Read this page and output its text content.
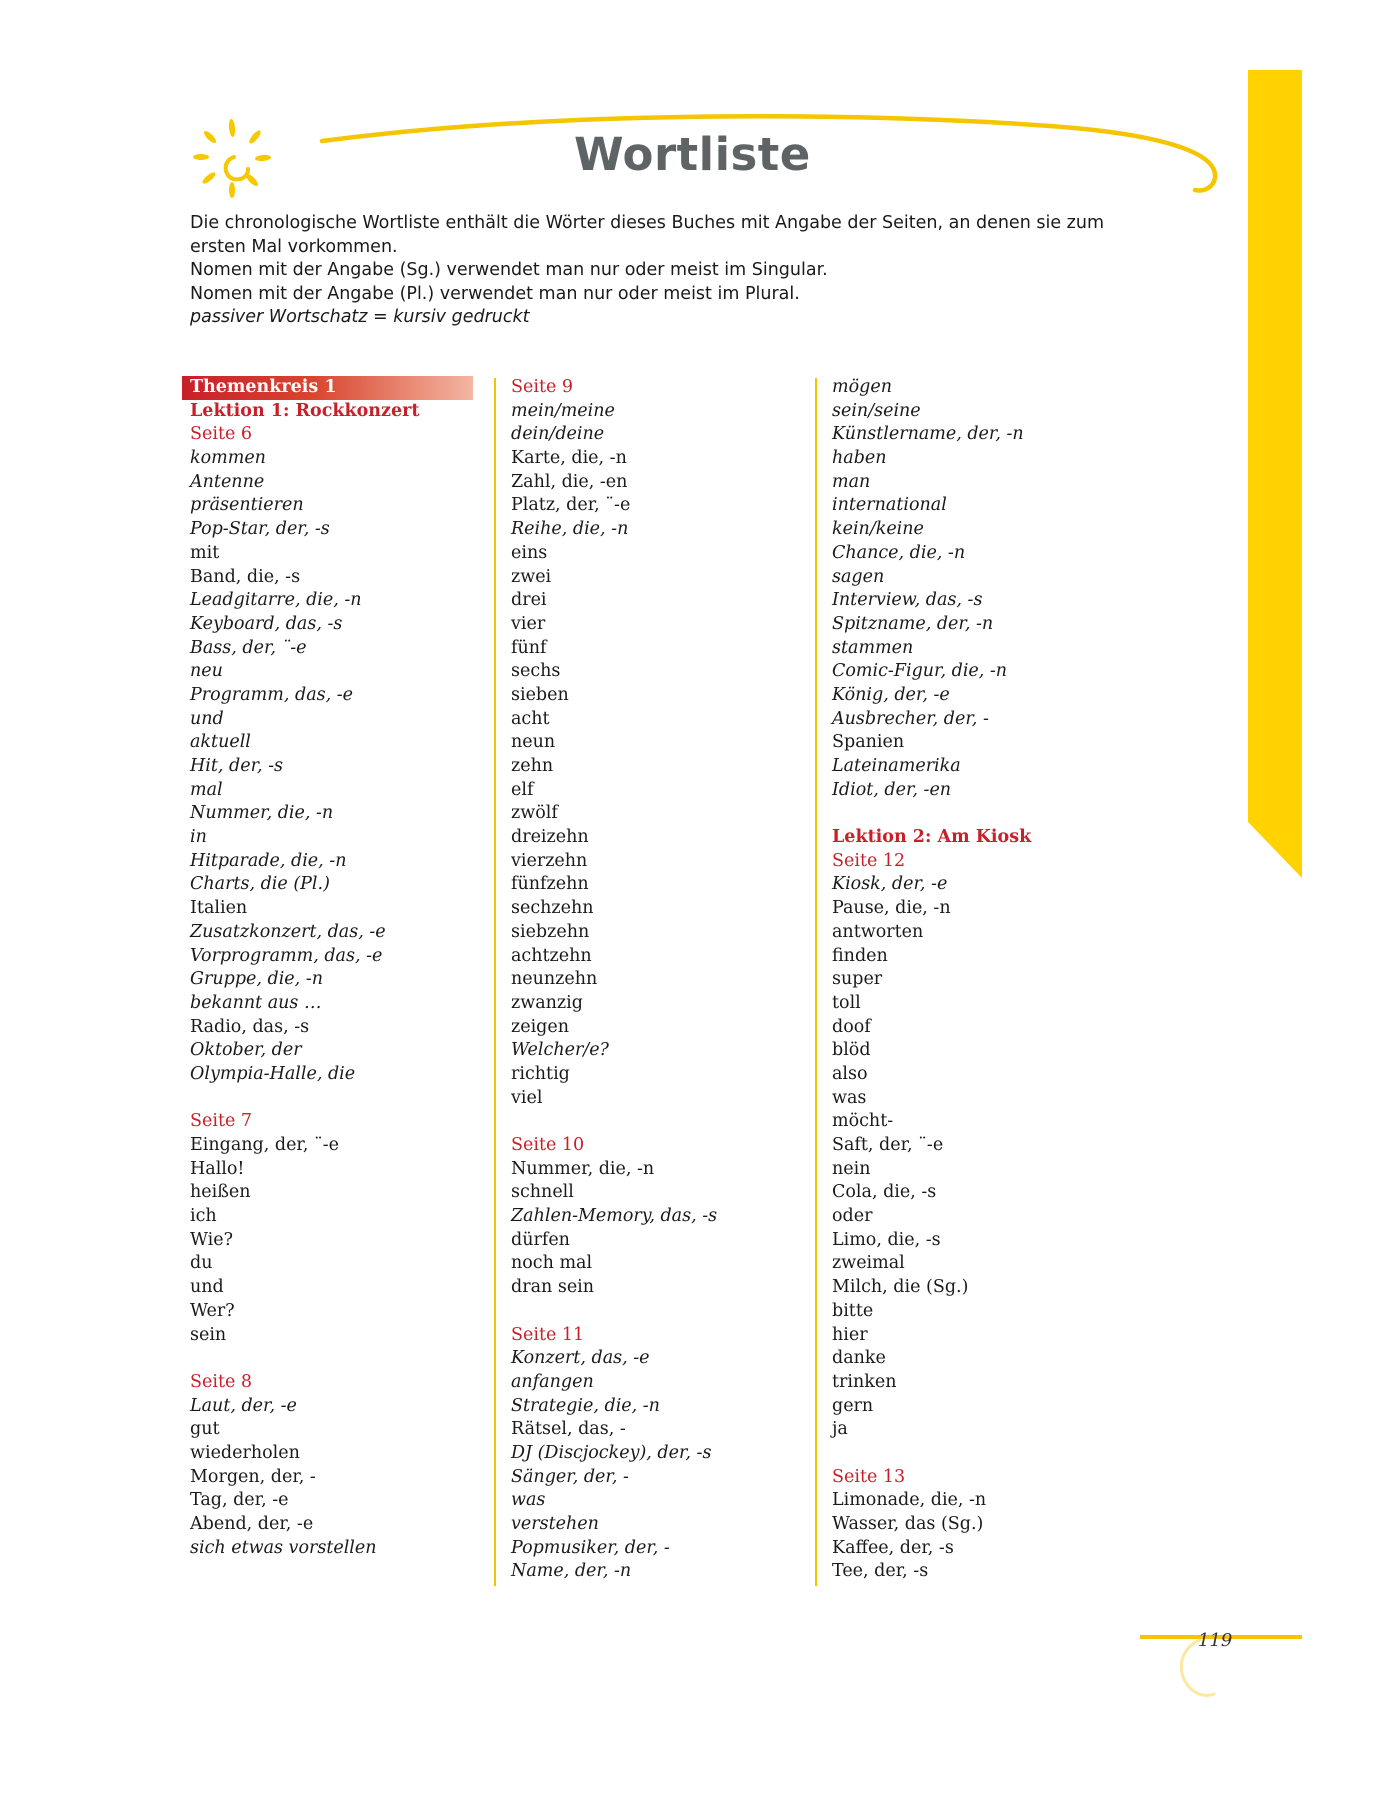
Wortliste
Die chronologische Wortliste enthält die Wörter dieses Buches mit Angabe der Seiten, an denen sie zum
ersten Mal vorkommen.
Nomen mit der Angabe (Sg.) verwendet man nur oder meist im Singular.
Nomen mit der Angabe (Pl.) verwendet man nur oder meist im Plural.
passiver Wortschatz = kursiv gedruckt
Themenkreis 1
Lektion 1: Rockkonzert
Seite 6
kommen
Antenne
präsentieren
Pop-Star, der, -s
mit
Band, die, -s
Leadgitarre, die, -n
Keyboard, das, -s
Bass, der, ¨-e
neu
Programm, das, -e
und
aktuell
Hit, der, -s
mal
Nummer, die, -n
in
Hitparade, die, -n
Charts, die (Pl.)
Italien
Zusatzkonzert, das, -e
Vorprogramm, das, -e
Gruppe, die, -n
bekannt aus …
Radio, das, -s
Oktober, der
Olympia-Halle, die
Seite 7
Eingang, der, ¨-e
Hallo!
heißen
ich
Wie?
du
und
Wer?
sein
Seite 8
Laut, der, -e
gut
wiederholen
Morgen, der, -
Tag, der, -e
Abend, der, -e
sich etwas vorstellen
Seite 9
mein/meine
dein/deine
Karte, die, -n
Zahl, die, -en
Platz, der, ¨-e
Reihe, die, -n
eins
zwei
drei
vier
fünf
sechs
sieben
acht
neun
zehn
elf
zwölf
dreizehn
vierzehn
fünfzehn
sechzehn
siebzehn
achtzehn
neunzehn
zwanzig
zeigen
Welcher/e?
richtig
viel
Seite 10
Nummer, die, -n
schnell
Zahlen-Memory, das, -s
dürfen
noch mal
dran sein
Seite 11
Konzert, das, -e
anfangen
Strategie, die, -n
Rätsel, das, -
DJ (Discjockey), der, -s
Sänger, der, -
was
verstehen
Popmusiker, der, -
Name, der, -n
mögen
sein/seine
Künstlername, der, -n
haben
man
international
kein/keine
Chance, die, -n
sagen
Interview, das, -s
Spitzname, der, -n
stammen
Comic-Figur, die, -n
König, der, -e
Ausbrecher, der, -
Spanien
Lateinamerika
Idiot, der, -en
Lektion 2: Am Kiosk
Seite 12
Kiosk, der, -e
Pause, die, -n
antworten
finden
super
toll
doof
blöd
also
was
möcht-
Saft, der, ¨-e
nein
Cola, die, -s
oder
Limo, die, -s
zweimal
Milch, die (Sg.)
bitte
hier
danke
trinken
gern
ja
Seite 13
Limonade, die, -n
Wasser, das (Sg.)
Kaffee, der, -s
Tee, der, -s
119
